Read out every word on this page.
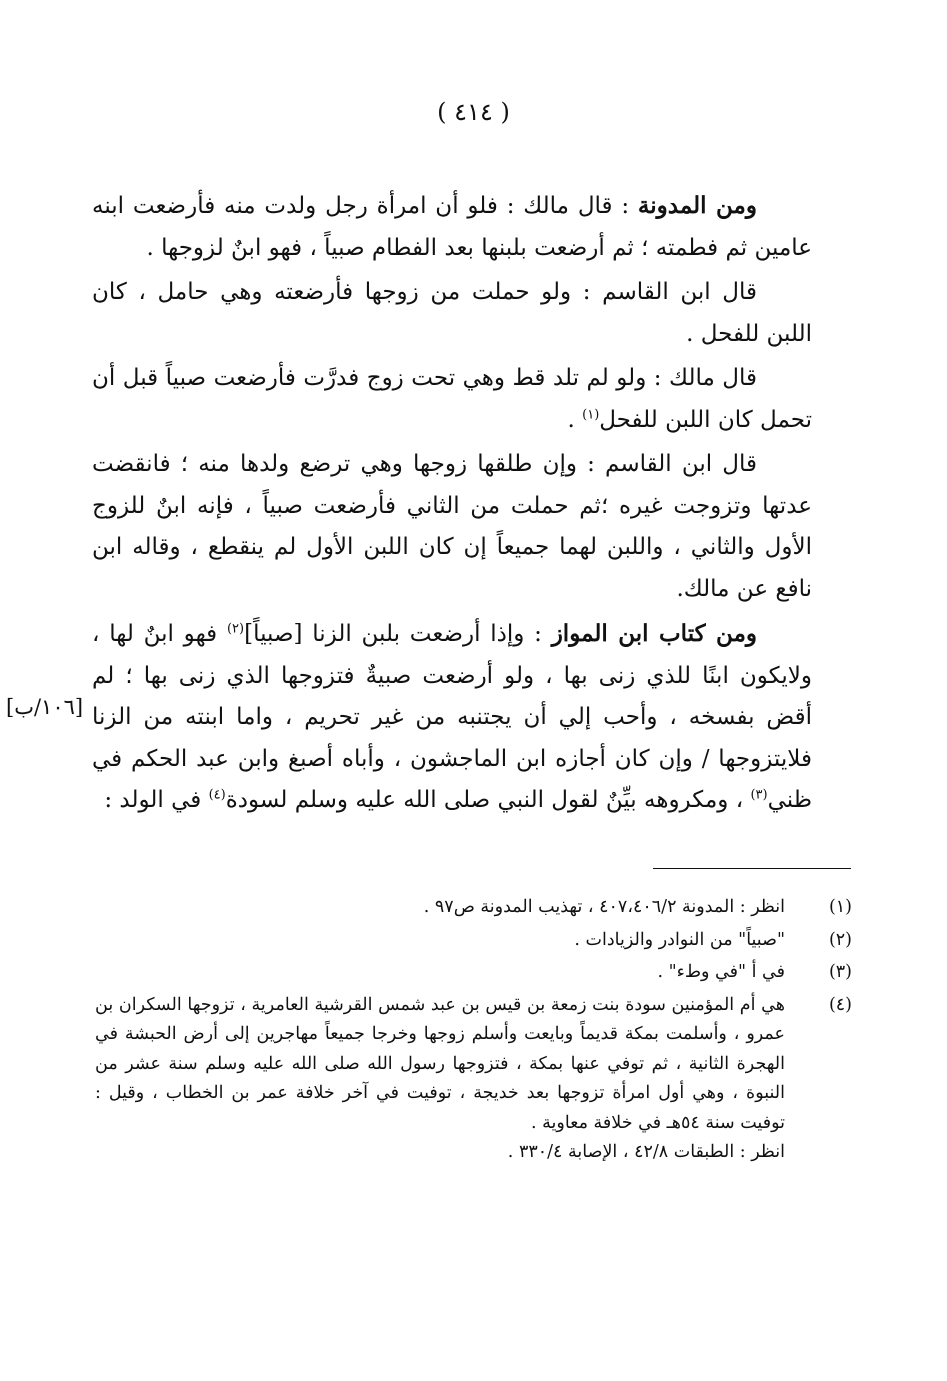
( ٤١٤ )

ومن المدونة : قال مالك : فلو أن امرأة رجل ولدت منه فأرضعت ابنه عامين ثم فطمته ؛ ثم أرضعت بلبنها بعد الفطام صبياً ، فهو ابنٌ لزوجها .

قال ابن القاسم : ولو حملت من زوجها فأرضعته وهي حامل ، كان اللبن للفحل .

قال مالك : ولو لم تلد قط وهي تحت زوج فدرَّت فأرضعت صبياً قبل أن تحمل كان اللبن للفحل$^{(١)}$ .

قال ابن القاسم : وإن طلقها زوجها وهي ترضع ولدها منه ؛ فانقضت عدتها وتزوجت غيره ؛ثم حملت من الثاني فأرضعت صبياً ، فإنه ابنٌ للزوج الأول والثاني ، واللبن لهما جميعاً إن كان اللبن الأول لم ينقطع ، وقاله ابن نافع عن مالك.

ومن كتاب ابن المواز : وإذا أرضعت بلبن الزنا [صبياً]$^{(٢)}$ فهو ابنٌ لها ، ولايكون ابنًا للذي زنى بها ، ولو أرضعت صبيةٌ فتزوجها الذي زنى بها ؛ لم أقض بفسخه ، وأحب إلي أن يجتنبه من غير تحريم ، واما ابنته من الزنا فلايتزوجها / وإن كان أجازه ابن الماجشون ، وأباه أصبغ وابن عبد الحكم في ظني$^{(٣)}$ ، ومكروهه بيِّنٌ لقول النبي صلى الله عليه وسلم لسودة$^{(٤)}$ في الولد :

[١٠٦/ب]
(١)
انظر : المدونة ٤٠٧،٤٠٦/٢ ، تهذيب المدونة ص٩٧ .
(٢)
"صبياً" من النوادر والزيادات .
(٣)
في أ "في وطء" .
(٤)
هي أم المؤمنين سودة بنت زمعة بن قيس بن عبد شمس القرشية العامرية ، تزوجها السكران بن عمرو ، وأسلمت بمكة قديماً وبايعت وأسلم زوجها وخرجا جميعاً مهاجرين إلى أرض الحبشة في الهجرة الثانية ، ثم توفي عنها بمكة ، فتزوجها رسول الله صلى الله عليه وسلم سنة عشر من النبوة ، وهي أول امرأة تزوجها بعد خديجة ، توفيت في آخر خلافة عمر بن الخطاب ، وقيل : توفيت سنة ٥٤هـ في خلافة معاوية .
انظر : الطبقات ٤٢/٨ ، الإصابة ٣٣٠/٤ .
